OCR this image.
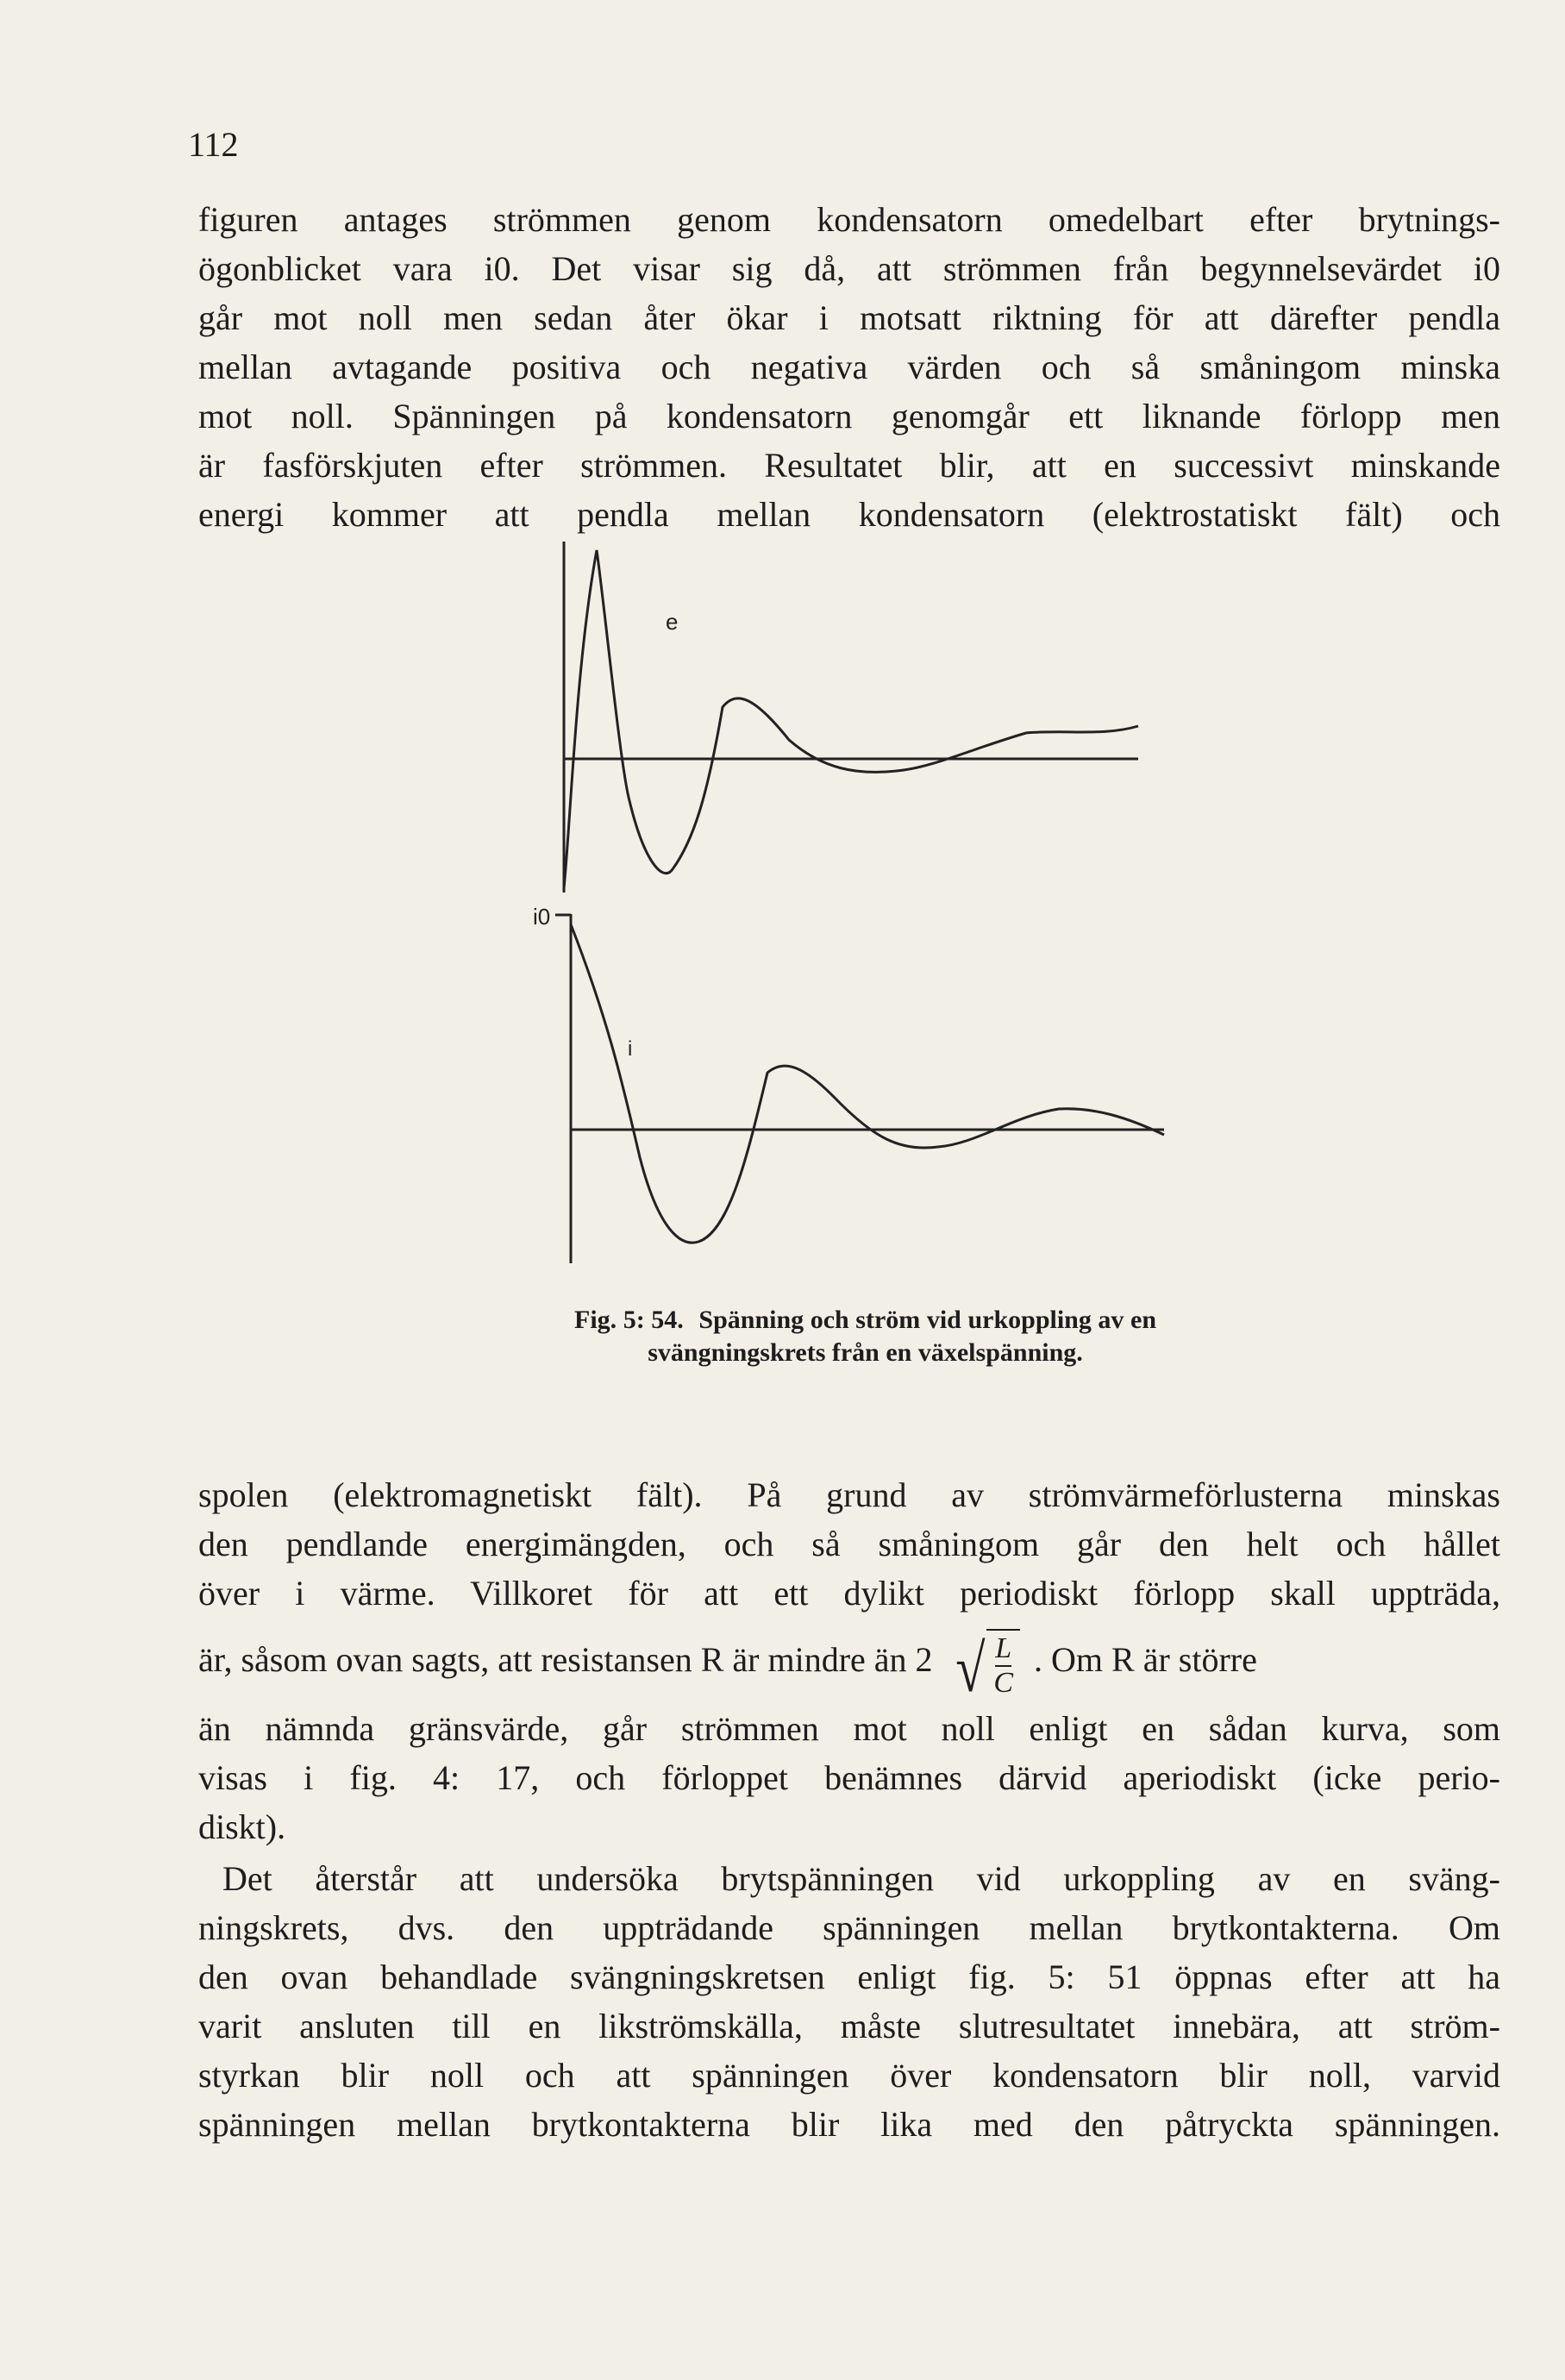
112
figuren antages strömmen genom kondensatorn omedelbart efter brytnings-
ögonblicket vara i0. Det visar sig då, att strömmen från begynnelsevärdet i0
går mot noll men sedan åter ökar i motsatt riktning för att därefter pendla
mellan avtagande positiva och negativa värden och så småningom minska
mot noll. Spänningen på kondensatorn genomgår ett liknande förlopp men
är fasförskjuten efter strömmen. Resultatet blir, att en successivt minskande
energi kommer att pendla mellan kondensatorn (elektrostatiskt fält) och
e
i0
i
Fig. 5: 54. Spänning och ström vid urkoppling av en svängningskrets från en växelspänning.
spolen (elektromagnetiskt fält). På grund av strömvärmeförlusterna minskas
den pendlande energimängden, och så småningom går den helt och hållet
över i värme. Villkoret för att ett dylikt periodiskt förlopp skall uppträda,
är, såsom ovan sagts, att resistansen R är mindre än 2 √ $\frac{L}{C}$ . Om R är större
än nämnda gränsvärde, går strömmen mot noll enligt en sådan kurva, som
visas i fig. 4: 17, och förloppet benämnes därvid aperiodiskt (icke perio-
diskt).
Det återstår att undersöka brytspänningen vid urkoppling av en sväng-
ningskrets, dvs. den uppträdande spänningen mellan brytkontakterna. Om
den ovan behandlade svängningskretsen enligt fig. 5: 51 öppnas efter att ha
varit ansluten till en likströmskälla, måste slutresultatet innebära, att ström-
styrkan blir noll och att spänningen över kondensatorn blir noll, varvid
spänningen mellan brytkontakterna blir lika med den påtryckta spänningen.
